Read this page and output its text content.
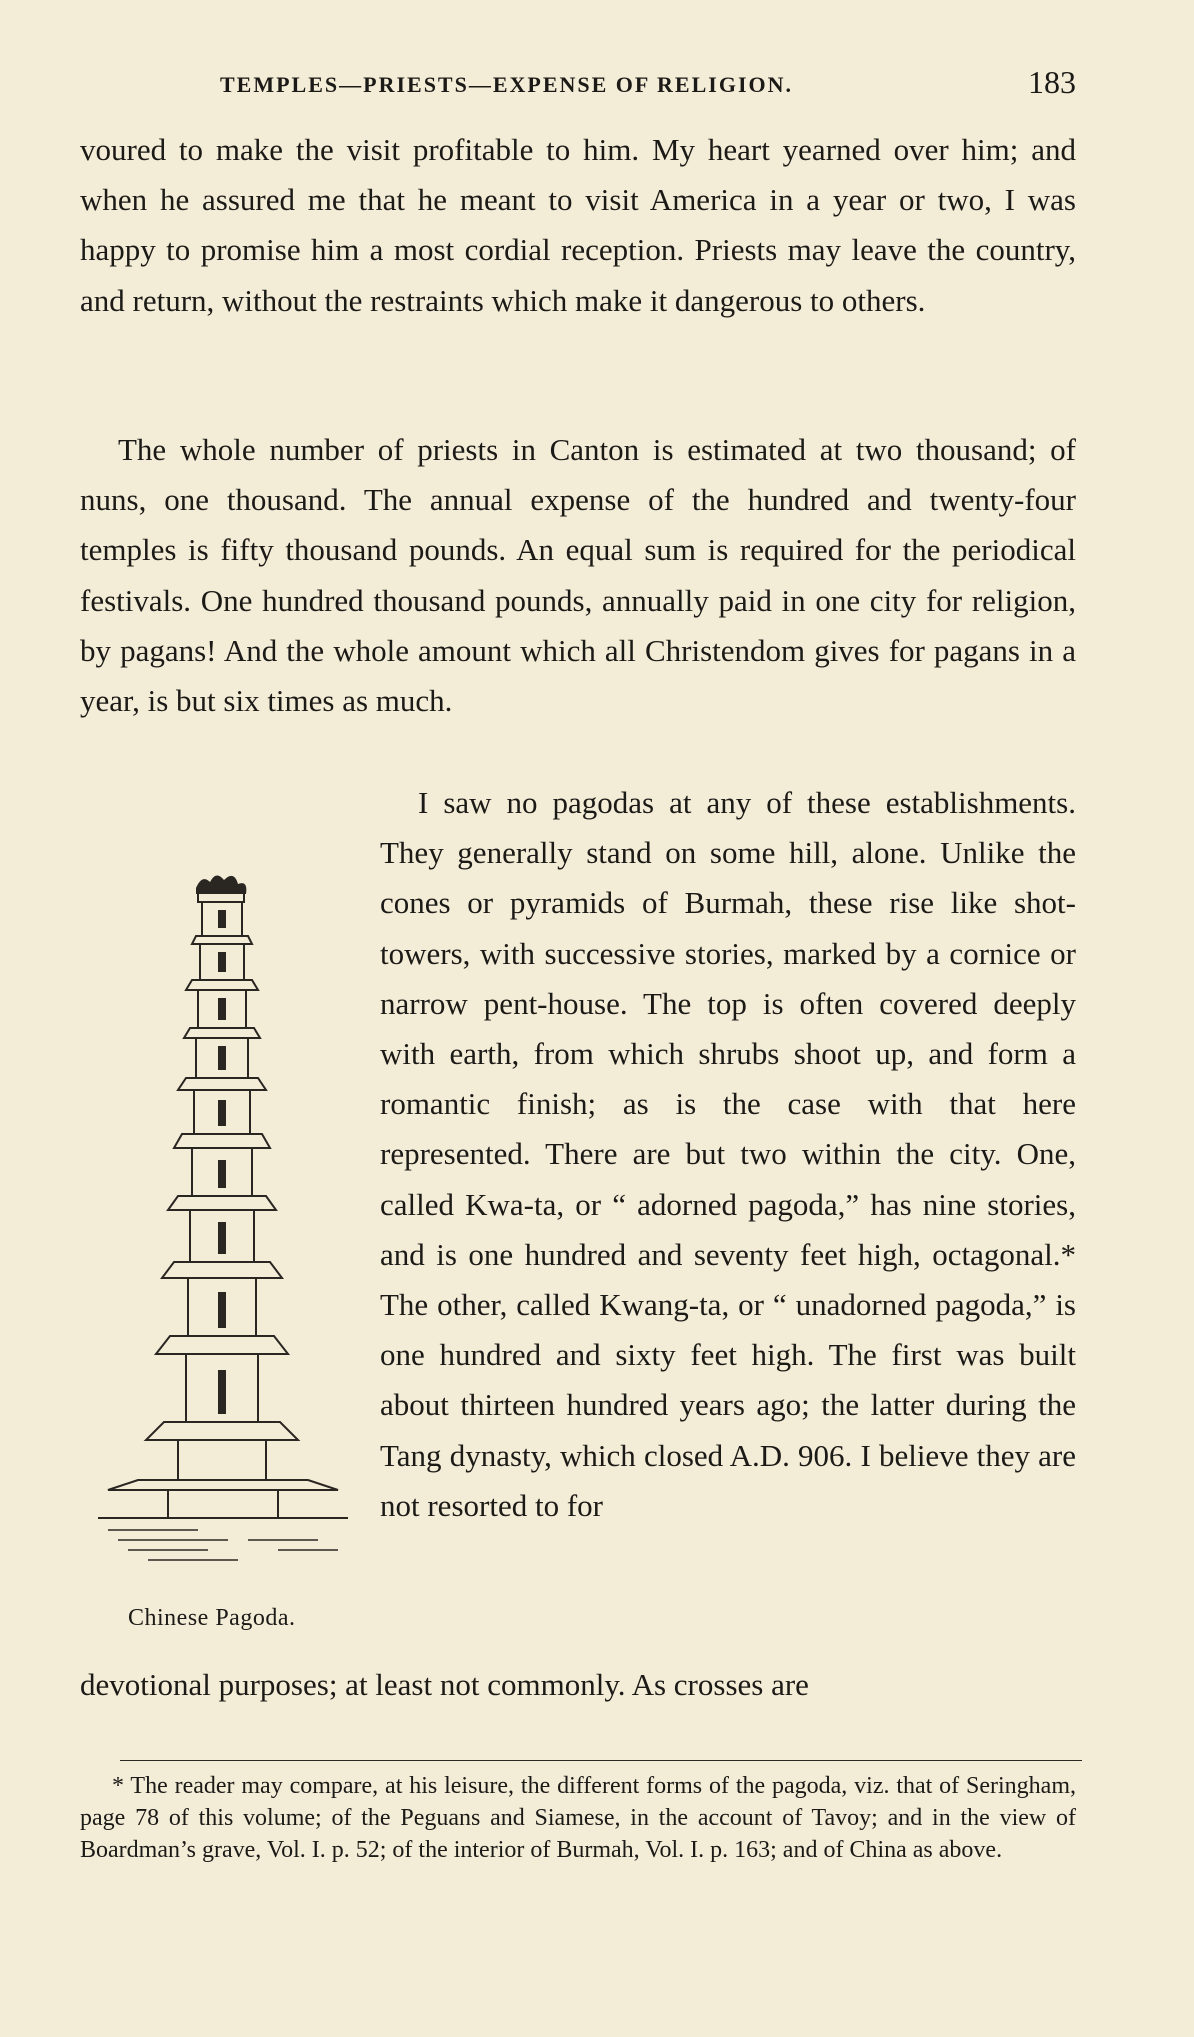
TEMPLES—PRIESTS—EXPENSE OF RELIGION.	183

voured to make the visit profitable to him. My heart yearned over him; and when he assured me that he meant to visit America in a year or two, I was happy to promise him a most cordial reception. Priests may leave the country, and return, without the restraints which make it dangerous to others.

The whole number of priests in Canton is estimated at two thousand; of nuns, one thousand. The annual expense of the hundred and twenty-four temples is fifty thousand pounds. An equal sum is required for the periodical festivals. One hundred thousand pounds, annually paid in one city for religion, by pagans! And the whole amount which all Christendom gives for pagans in a year, is but six times as much.

Chinese Pagoda.

I saw no pagodas at any of these establishments. They generally stand on some hill, alone. Unlike the cones or pyramids of Burmah, these rise like shot-towers, with successive stories, marked by a cornice or narrow pent-house. The top is often covered deeply with earth, from which shrubs shoot up, and form a romantic finish; as is the case with that here represented. There are but two within the city. One, called Kwa-ta, or “ adorned pagoda,” has nine stories, and is one hundred and seventy feet high, octagonal.* The other, called Kwang-ta, or “ unadorned pagoda,” is one hundred and sixty feet high. The first was built about thirteen hundred years ago; the latter during the Tang dynasty, which closed A.D. 906. I believe they are not resorted to for

devotional purposes; at least not commonly. As crosses are

* The reader may compare, at his leisure, the different forms of the pagoda, viz. that of Seringham, page 78 of this volume; of the Peguans and Siamese, in the account of Tavoy; and in the view of Boardman’s grave, Vol. I. p. 52; of the interior of Burmah, Vol. I. p. 163; and of China as above.
